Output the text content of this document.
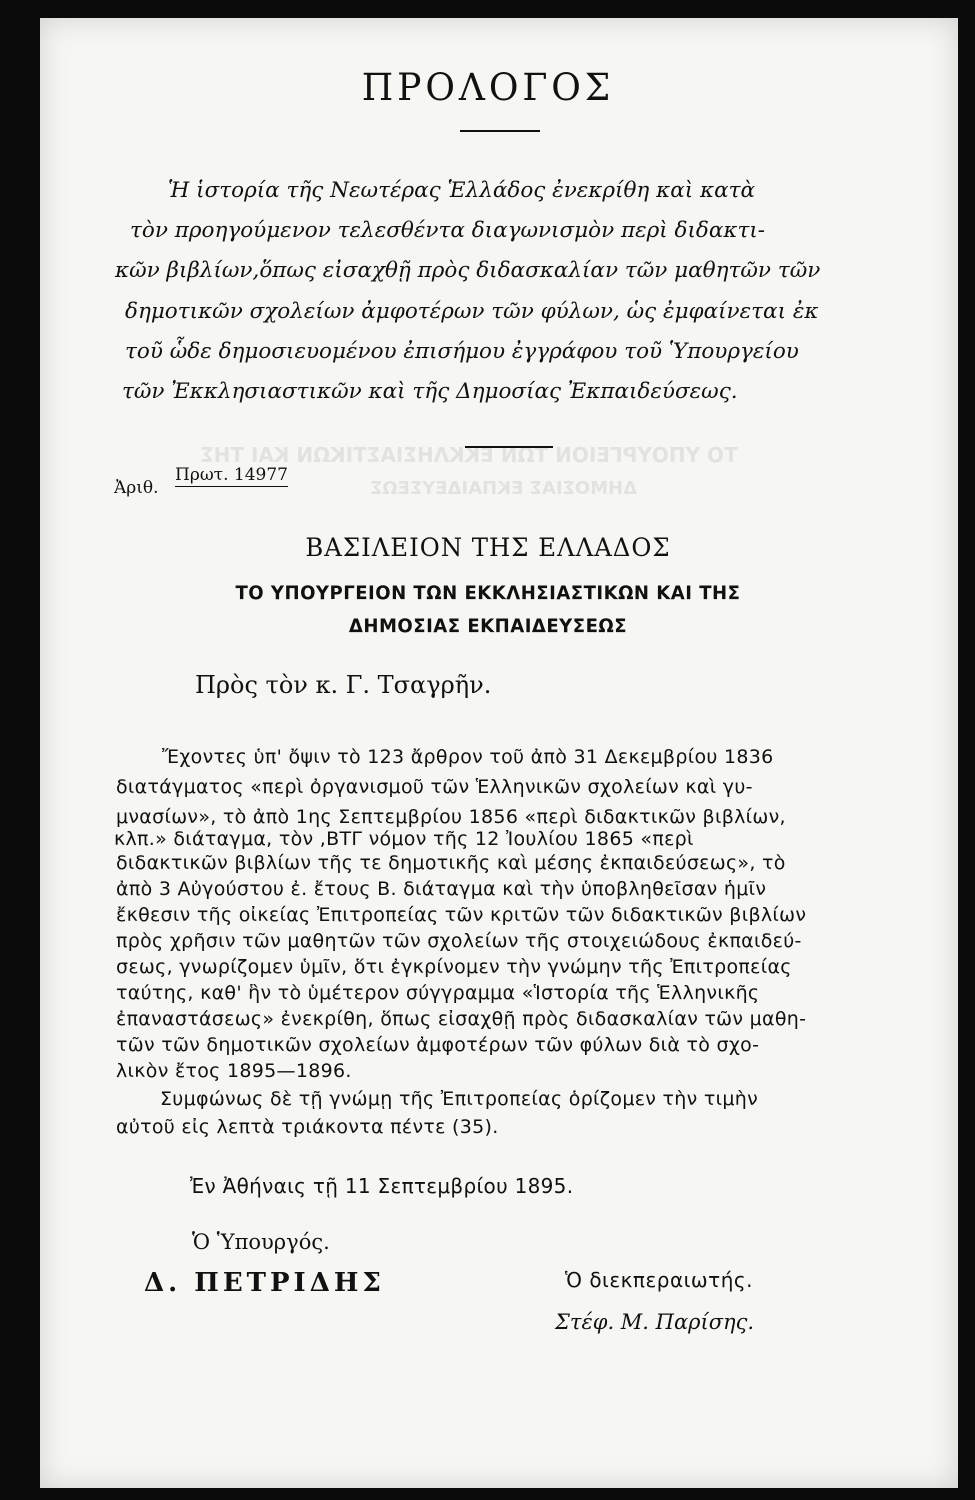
ΤΟ ΥΠΟΥΡΓΕΙΟΝ ΤΩΝ ΕΚΚΛΗΣΙΑΣΤΙΚΩΝ ΚΑΙ ΤΗΣ
ΔΗΜΟΣΙΑΣ ΕΚΠΑΙΔΕΥΣΕΩΣ
ΠΡΟΛΟΓΟΣ
Ἡ ἱστορία τῆς Νεωτέρας Ἑλλάδος ἐνεκρίθη καὶ κατὰ
τὸν προηγούμενον τελεσθέντα διαγωνισμὸν περὶ διδακτι-
κῶν βιβλίων,ὅπως εἰσαχθῇ πρὸς διδασκαλίαν τῶν μαθητῶν τῶν
δημοτικῶν σχολείων ἀμφοτέρων τῶν φύλων, ὡς ἐμφαίνεται ἐκ
τοῦ ὧδε δημοσιευομένου ἐπισήμου ἐγγράφου τοῦ Ὑπουργείου
τῶν Ἐκκλησιαστικῶν καὶ τῆς Δημοσίας Ἐκπαιδεύσεως.
Ἀριθ.
Πρωτ. 14977
ΒΑΣΙΛΕΙΟΝ ΤΗΣ ΕΛΛΑΔΟΣ
ΤΟ ΥΠΟΥΡΓΕΙΟΝ ΤΩΝ ΕΚΚΛΗΣΙΑΣΤΙΚΩΝ ΚΑΙ ΤΗΣ
ΔΗΜΟΣΙΑΣ ΕΚΠΑΙΔΕΥΣΕΩΣ
Πρὸς τὸν κ. Γ. Τσαγρῆν.
Ἔχοντες ὑπ' ὄψιν τὸ 123 ἄρθρον τοῦ ἀπὸ 31 Δεκεμβρίου 1836
διατάγματος «περὶ ὀργανισμοῦ τῶν Ἑλληνικῶν σχολείων καὶ γυ-
μνασίων», τὸ ἀπὸ 1ης Σεπτεμβρίου 1856 «περὶ διδακτικῶν βιβλίων,
κλπ.» διάταγμα, τὸν ,ΒΤΓ νόμον τῆς 12 Ἰουλίου 1865 «περὶ
διδακτικῶν βιβλίων τῆς τε δημοτικῆς καὶ μέσης ἐκπαιδεύσεως», τὸ
ἀπὸ 3 Αὐγούστου ἐ. ἔτους Β. διάταγμα καὶ τὴν ὑποβληθεῖσαν ἡμῖν
ἔκθεσιν τῆς οἰκείας Ἐπιτροπείας τῶν κριτῶν τῶν διδακτικῶν βιβλίων
πρὸς χρῆσιν τῶν μαθητῶν τῶν σχολείων τῆς στοιχειώδους ἐκπαιδεύ-
σεως, γνωρίζομεν ὑμῖν, ὅτι ἐγκρίνομεν τὴν γνώμην τῆς Ἐπιτροπείας
ταύτης, καθ' ἣν τὸ ὑμέτερον σύγγραμμα «Ἱστορία τῆς Ἑλληνικῆς
ἐπαναστάσεως» ἐνεκρίθη, ὅπως εἰσαχθῇ πρὸς διδασκαλίαν τῶν μαθη-
τῶν τῶν δημοτικῶν σχολείων ἀμφοτέρων τῶν φύλων διὰ τὸ σχο-
λικὸν ἔτος 1895—1896.
Συμφώνως δὲ τῇ γνώμῃ τῆς Ἐπιτροπείας ὁρίζομεν τὴν τιμὴν
αὐτοῦ εἰς λεπτὰ τριάκοντα πέντε (35).
Ἐν Ἀθήναις τῇ 11 Σεπτεμβρίου 1895.
Ὁ Ὑπουργός.
Δ. ΠΕΤΡΙΔΗΣ	Ὁ διεκπεραιωτής.
Στέφ. Μ. Παρίσης.
